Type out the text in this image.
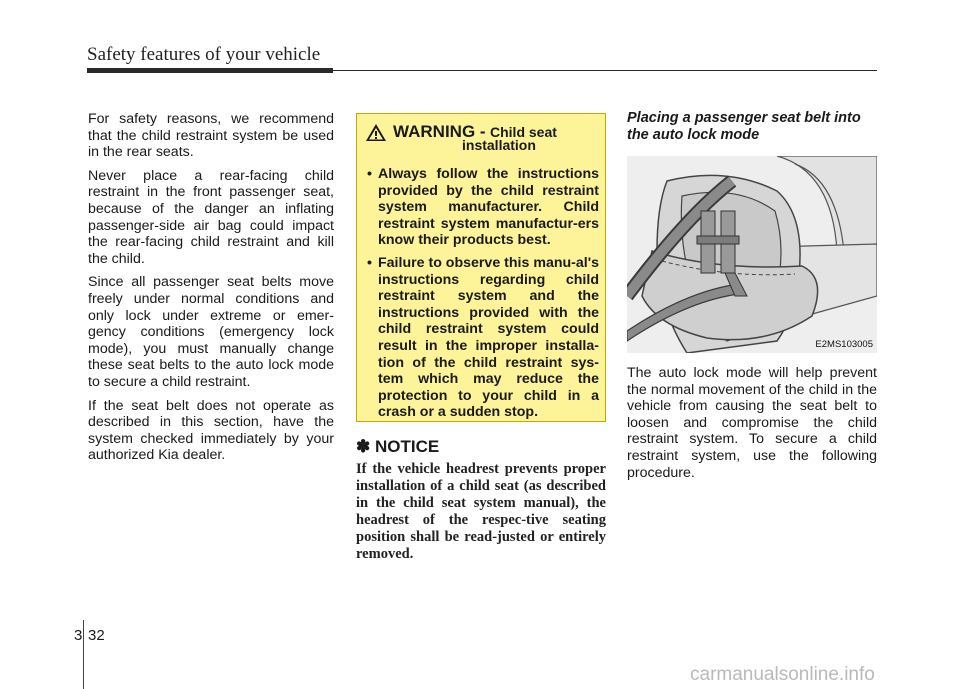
Safety features of your vehicle

For safety reasons, we recommend that the child restraint system be used in the rear seats.

Never place a rear-facing child restraint in the front passenger seat, because of the danger an inflating passenger-side air bag could impact the rear-facing child restraint and kill the child.

Since all passenger seat belts move freely under normal conditions and only lock under extreme or emer-gency conditions (emergency lock mode), you must manually change these seat belts to the auto lock mode to secure a child restraint.

If the seat belt does not operate as described in this section, have the system checked immediately by your authorized Kia dealer.

WARNING - Child seat
installation
• Always follow the instructions provided by the child restraint system manufacturer. Child restraint system manufactur-ers know their products best.
• Failure to observe this manu-al's instructions regarding child restraint system and the instructions provided with the child restraint system could result in the improper installa-tion of the child restraint sys-tem which may reduce the protection to your child in a crash or a sudden stop.
✽ NOTICE
If the vehicle headrest prevents proper installation of a child seat (as described in the child seat system manual), the headrest of the respec-tive seating position shall be read-justed or entirely removed.
Placing a passenger seat belt into the auto lock mode
E2MS103005

The auto lock mode will help prevent the normal movement of the child in the vehicle from causing the seat belt to loosen and compromise the child restraint system. To secure a child restraint system, use the following procedure.

3 32
carmanualsonline.info
